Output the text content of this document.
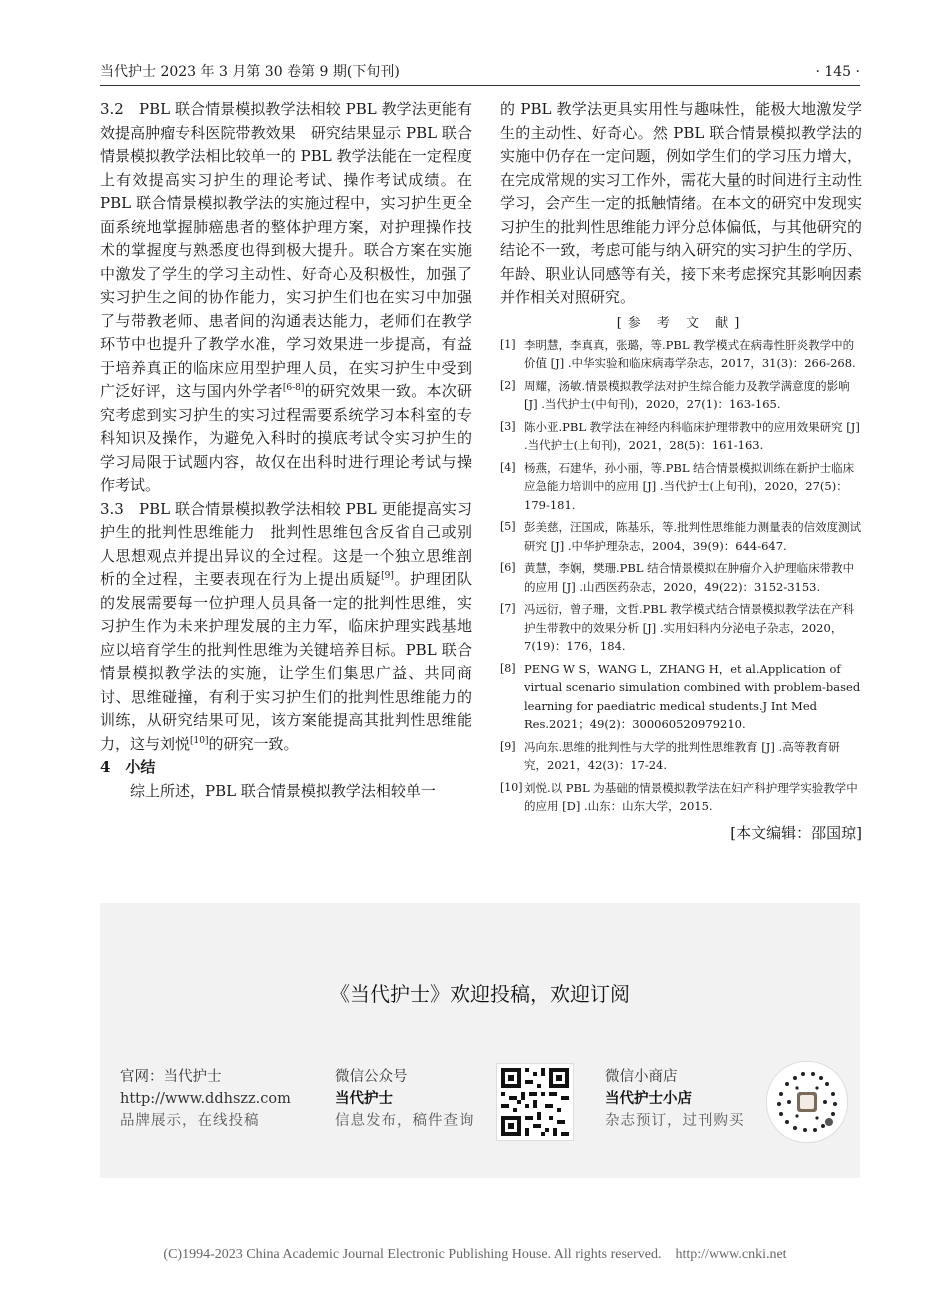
当代护士 2023 年 3 月第 30 卷第 9 期(下旬刊)	· 145 ·

3.2　PBL 联合情景模拟教学法相较 PBL 教学法更能有效提高肿瘤专科医院带教效果　研究结果显示 PBL 联合情景模拟教学法相比较单一的 PBL 教学法能在一定程度上有效提高实习护生的理论考试、操作考试成绩。在 PBL 联合情景模拟教学法的实施过程中，实习护生更全面系统地掌握肺癌患者的整体护理方案，对护理操作技术的掌握度与熟悉度也得到极大提升。联合方案在实施中激发了学生的学习主动性、好奇心及积极性，加强了实习护生之间的协作能力，实习护生们也在实习中加强了与带教老师、患者间的沟通表达能力，老师们在教学环节中也提升了教学水准，学习效果进一步提高，有益于培养真正的临床应用型护理人员，在实习护生中受到广泛好评，这与国内外学者[6-8]的研究效果一致。本次研究考虑到实习护生的实习过程需要系统学习本科室的专科知识及操作，为避免入科时的摸底考试令实习护生的学习局限于试题内容，故仅在出科时进行理论考试与操作考试。

3.3　PBL 联合情景模拟教学法相较 PBL 更能提高实习护生的批判性思维能力　批判性思维包含反省自己或别人思想观点并提出异议的全过程。这是一个独立思维剖析的全过程，主要表现在行为上提出质疑[9]。护理团队的发展需要每一位护理人员具备一定的批判性思维，实习护生作为未来护理发展的主力军，临床护理实践基地应以培育学生的批判性思维为关键培养目标。PBL 联合情景模拟教学法的实施，让学生们集思广益、共同商讨、思维碰撞，有利于实习护生们的批判性思维能力的训练，从研究结果可见，该方案能提高其批判性思维能力，这与刘悦[10]的研究一致。

4　小结

综上所述，PBL 联合情景模拟教学法相较单一

的 PBL 教学法更具实用性与趣味性，能极大地激发学生的主动性、好奇心。然 PBL 联合情景模拟教学法的实施中仍存在一定问题，例如学生们的学习压力增大，在完成常规的实习工作外，需花大量的时间进行主动性学习，会产生一定的抵触情绪。在本文的研究中发现实习护生的批判性思维能力评分总体偏低，与其他研究的结论不一致，考虑可能与纳入研究的实习护生的学历、年龄、职业认同感等有关，接下来考虑探究其影响因素并作相关对照研究。

[参 考 文 献]
[1] 李明慧，李真真，张璐，等.PBL 教学模式在病毒性肝炎教学中的价值 [J] .中华实验和临床病毒学杂志，2017，31(3)：266-268.
[2] 周耀，汤敏.情景模拟教学法对护生综合能力及教学满意度的影响 [J] .当代护士(中旬刊)，2020，27(1)：163-165.
[3] 陈小亚.PBL 教学法在神经内科临床护理带教中的应用效果研究 [J] .当代护士(上旬刊)，2021，28(5)：161-163.
[4] 杨燕，石建华，孙小丽，等.PBL 结合情景模拟训练在新护士临床应急能力培训中的应用 [J] .当代护士(上旬刊)，2020，27(5)：179-181.
[5] 彭美慈，汪国成，陈基乐，等.批判性思维能力测量表的信效度测试研究 [J] .中华护理杂志，2004，39(9)：644-647.
[6] 黄慧，李娴，樊珊.PBL 结合情景模拟在肿瘤介入护理临床带教中的应用 [J] .山西医药杂志，2020，49(22)：3152-3153.
[7] 冯远衍，曾子珊，文哲.PBL 教学模式结合情景模拟教学法在产科护生带教中的效果分析 [J] .实用妇科内分泌电子杂志，2020，7(19)：176，184.
[8] PENG W S，WANG L，ZHANG H，et al.Application of virtual scenario simulation combined with problem-based learning for paediatric medical students.J Int Med Res.2021；49(2)：300060520979210.
[9] 冯向东.思维的批判性与大学的批判性思维教育 [J] .高等教育研究，2021，42(3)：17-24.
[10] 刘悦.以 PBL 为基础的情景模拟教学法在妇产科护理学实验教学中的应用 [D] .山东：山东大学，2015.
[本文编辑：邵国琼]
《当代护士》欢迎投稿，欢迎订阅
官网：当代护士
http://www.ddhszz.com
品牌展示，在线投稿
微信公众号
当代护士
信息发布，稿件查询
微信小商店
当代护士小店
杂志预订，过刊购买
(C)1994-2023 China Academic Journal Electronic Publishing House. All rights reserved.　http://www.cnki.net
